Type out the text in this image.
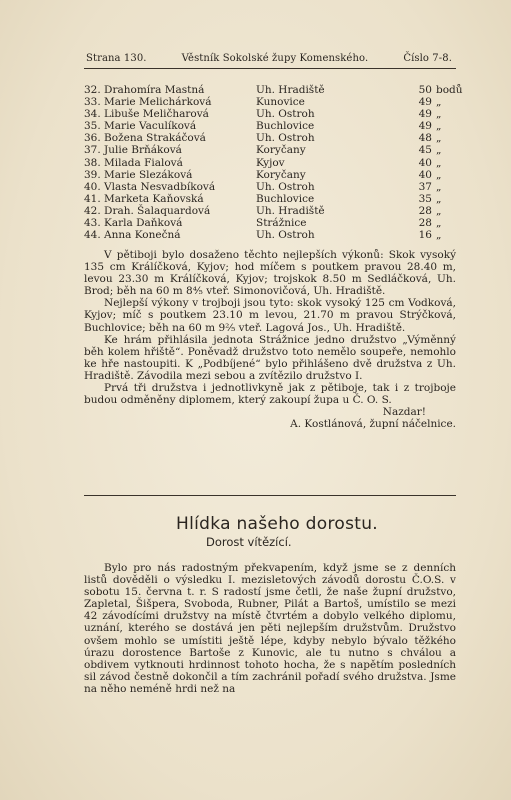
Strana 130.	Věstník Sokolské župy Komenského.	Číslo 7-8.
32. Drahomíra Mastná	Uh. Hradiště	50 bodů
33. Marie Melichárková	Kunovice	49 „
34. Libuše Meličharová	Uh. Ostroh	49 „
35. Marie Vaculíková	Buchlovice	49 „
36. Božena Strakáčová	Uh. Ostroh	48 „
37. Julie Brňáková	Koryčany	45 „
38. Milada Fialová	Kyjov	40 „
39. Marie Slezáková	Koryčany	40 „
40. Vlasta Nesvadbíková	Uh. Ostroh	37 „
41. Marketa Kaňovská	Buchlovice	35 „
42. Drah. Šalaquardová	Uh. Hradiště	28 „
43. Karla Daňková	Strážnice	28 „
44. Anna Konečná	Uh. Ostroh	16 „

V pětiboji bylo dosaženo těchto nejlepších výkonů: Skok vysoký 135 cm Králíčková, Kyjov; hod míčem s poutkem pravou 28.40 m, levou 23.30 m Králíčková, Kyjov; trojskok 8.50 m Sedláčková, Uh. Brod; běh na 60 m 8⁴⁄₅ vteř. Simonovičová, Uh. Hradiště.

Nejlepší výkony v trojboji jsou tyto: skok vysoký 125 cm Vodková, Kyjov; míč s poutkem 23.10 m levou, 21.70 m pravou Strýčková, Buchlovice; běh na 60 m 9²⁄₅ vteř. Lagová Jos., Uh. Hradiště.

Ke hrám přihlásila jednota Strážnice jedno družstvo „Výměnný běh kolem hřiště“. Poněvadž družstvo toto nemělo soupeře, nemohlo ke hře nastoupiti. K „Podbíjené“ bylo přihlášeno dvě družstva z Uh. Hradiště. Závodila mezi sebou a zvítězilo družstvo I.

Prvá tři družstva i jednotlivkyně jak z pětiboje, tak i z trojboje budou odměněny diplomem, který zakoupí župa u Č. O. S.

Nazdar!
A. Kostlánová, župní náčelnice.
Hlídka našeho dorostu.
Dorost vítězící.

Bylo pro nás radostným překvapením, když jsme se z denních listů dověděli o výsledku I. mezisletových závodů dorostu Č.O.S. v sobotu 15. června t. r. S radostí jsme četli, že naše župní družstvo, Zapletal, Šišpera, Svoboda, Rubner, Pilát a Bartoš, umístilo se mezi 42 závodícími družstvy na místě čtvrtém a dobylo velkého diplomu, uznání, kterého se dostává jen pěti nejlepším družstvům. Družstvo ovšem mohlo se umístiti ještě lépe, kdyby nebylo bývalo těžkého úrazu dorostence Bartoše z Kunovic, ale tu nutno s chválou a obdivem vytknouti hrdinnost tohoto hocha, že s napětím posledních sil závod čestně dokončil a tím zachránil pořadí svého družstva. Jsme na něho neméně hrdi než na
